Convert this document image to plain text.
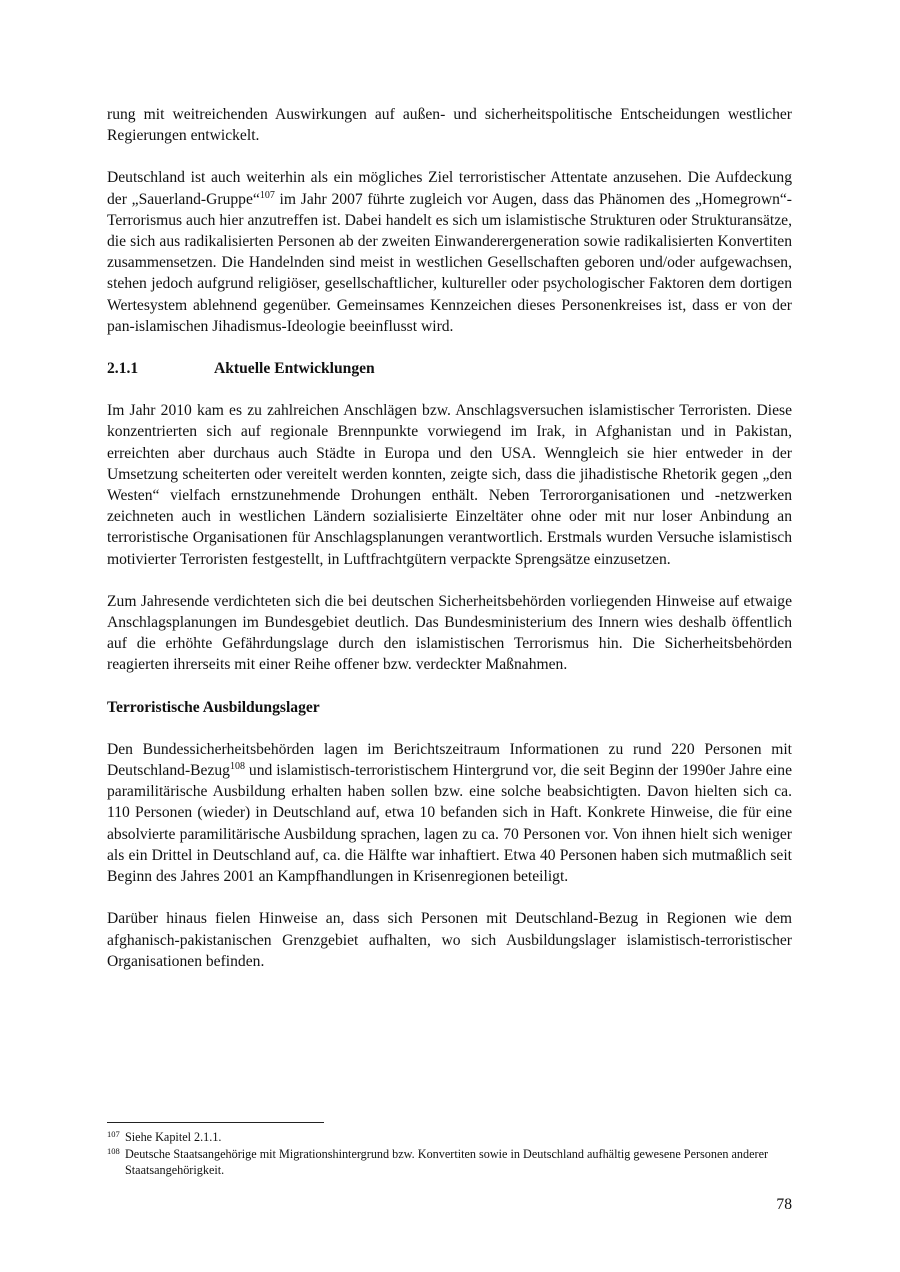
rung mit weitreichenden Auswirkungen auf außen- und sicherheitspolitische Entscheidungen westlicher Regierungen entwickelt.

Deutschland ist auch weiterhin als ein mögliches Ziel terroristischer Attentate anzusehen. Die Aufdeckung der „Sauerland-Gruppe“$^{107}$ im Jahr 2007 führte zugleich vor Augen, dass das Phänomen des „Homegrown“-Terrorismus auch hier anzutreffen ist. Dabei handelt es sich um islamistische Strukturen oder Strukturansätze, die sich aus radikalisierten Personen ab der zweiten Einwanderergeneration sowie radikalisierten Konvertiten zusammensetzen. Die Handelnden sind meist in westlichen Gesellschaften geboren und/oder aufgewachsen, stehen jedoch aufgrund religiöser, gesellschaftlicher, kultureller oder psychologischer Faktoren dem dortigen Wertesystem ablehnend gegenüber. Gemeinsames Kennzeichen dieses Personenkreises ist, dass er von der pan-islamischen Jihadismus-Ideologie beeinflusst wird.

2.1.1	Aktuelle Entwicklungen

Im Jahr 2010 kam es zu zahlreichen Anschlägen bzw. Anschlagsversuchen islamistischer Terroristen. Diese konzentrierten sich auf regionale Brennpunkte vorwiegend im Irak, in Afghanistan und in Pakistan, erreichten aber durchaus auch Städte in Europa und den USA. Wenngleich sie hier entweder in der Umsetzung scheiterten oder vereitelt werden konnten, zeigte sich, dass die jihadistische Rhetorik gegen „den Westen“ vielfach ernstzunehmende Drohungen enthält. Neben Terrororganisationen und -netzwerken zeichneten auch in westlichen Ländern sozialisierte Einzeltäter ohne oder mit nur loser Anbindung an terroristische Organisationen für Anschlagsplanungen verantwortlich. Erstmals wurden Versuche islamistisch motivierter Terroristen festgestellt, in Luftfrachtgütern verpackte Sprengsätze einzusetzen.

Zum Jahresende verdichteten sich die bei deutschen Sicherheitsbehörden vorliegenden Hinweise auf etwaige Anschlagsplanungen im Bundesgebiet deutlich. Das Bundesministerium des Innern wies deshalb öffentlich auf die erhöhte Gefährdungslage durch den islamistischen Terrorismus hin. Die Sicherheitsbehörden reagierten ihrerseits mit einer Reihe offener bzw. verdeckter Maßnahmen.

Terroristische Ausbildungslager

Den Bundessicherheitsbehörden lagen im Berichtszeitraum Informationen zu rund 220 Personen mit Deutschland-Bezug$^{108}$ und islamistisch-terroristischem Hintergrund vor, die seit Beginn der 1990er Jahre eine paramilitärische Ausbildung erhalten haben sollen bzw. eine solche beabsichtigten. Davon hielten sich ca. 110 Personen (wieder) in Deutschland auf, etwa 10 befanden sich in Haft. Konkrete Hinweise, die für eine absolvierte paramilitärische Ausbildung sprachen, lagen zu ca. 70 Personen vor. Von ihnen hielt sich weniger als ein Drittel in Deutschland auf, ca. die Hälfte war inhaftiert. Etwa 40 Personen haben sich mutmaßlich seit Beginn des Jahres 2001 an Kampfhandlungen in Krisenregionen beteiligt.

Darüber hinaus fielen Hinweise an, dass sich Personen mit Deutschland-Bezug in Regionen wie dem afghanisch-pakistanischen Grenzgebiet aufhalten, wo sich Ausbildungslager islamistisch-terroristischer Organisationen befinden.

107 Siehe Kapitel 2.1.1.
108 Deutsche Staatsangehörige mit Migrationshintergrund bzw. Konvertiten sowie in Deutschland aufhältig gewesene Personen anderer Staatsangehörigkeit.
78
